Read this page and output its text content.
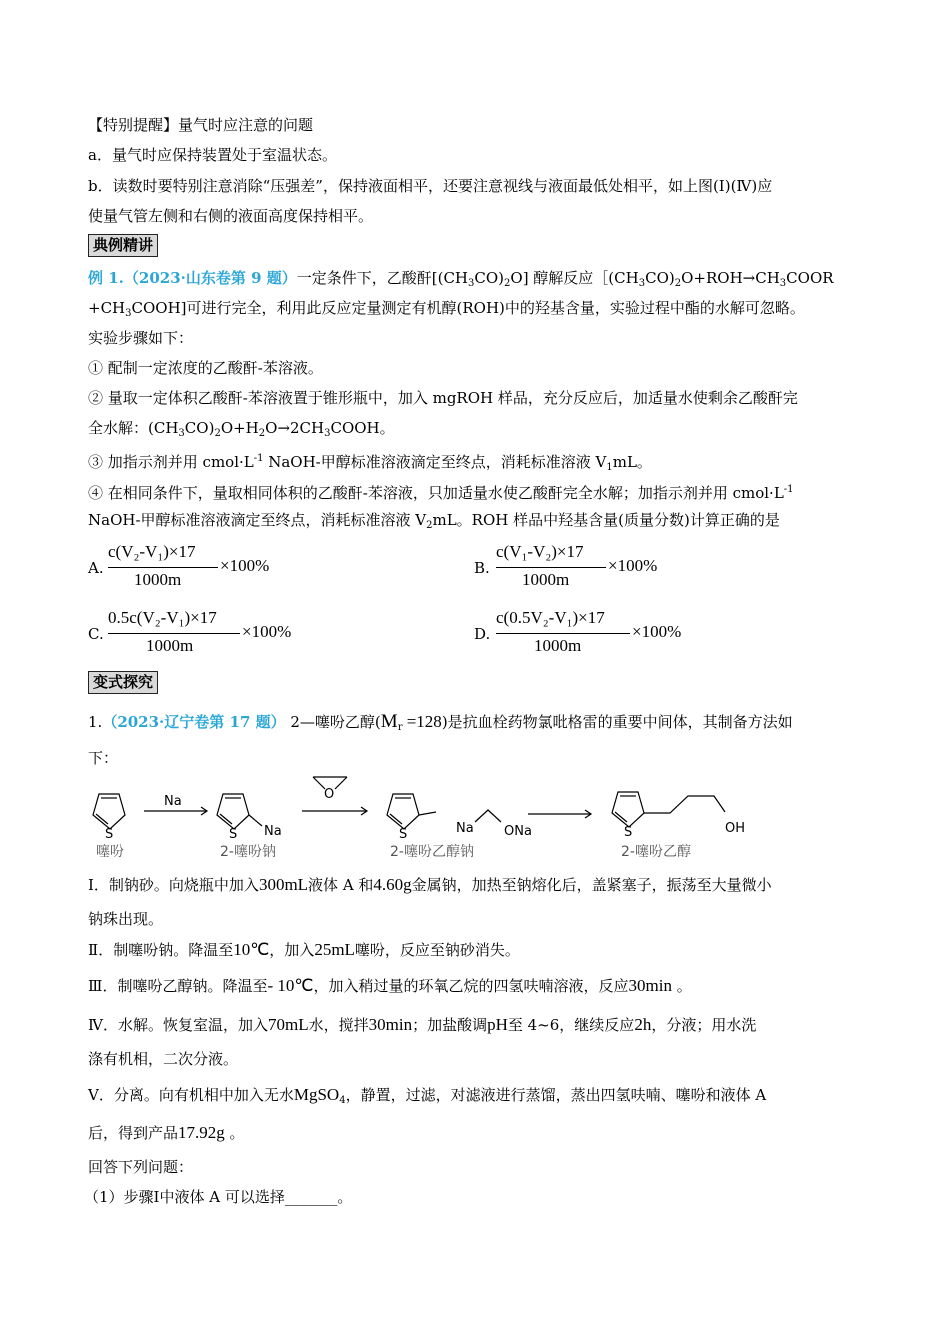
【特别提醒】量气时应注意的问题
a．量气时应保持装置处于室温状态。
b．读数时要特别注意消除“压强差”，保持液面相平，还要注意视线与液面最低处相平，如上图(I)(Ⅳ)应
使量气管左侧和右侧的液面高度保持相平。
典例精讲
例 1.（2023·山东卷第 9 题）一定条件下，乙酸酐$[(CH_3CO)_2O]$ 醇解反应$[(CH_3CO)_2O+ROH\to CH_3COOR$
$+CH_3COOH$]可进行完全，利用此反应定量测定有机醇(ROH)中的羟基含量，实验过程中酯的水解可忽略。
实验步骤如下：
① 配制一定浓度的乙酸酐-苯溶液。
② 量取一定体积乙酸酐-苯溶液置于锥形瓶中，加入 mgROH 样品，充分反应后，加适量水使剩余乙酸酐完
全水解：$(CH_3CO)_2O+H_2O\to 2CH_3COOH$。
③ 加指示剂并用 $cmol\cdot L^{-1}$ NaOH-甲醇标准溶液滴定至终点，消耗标准溶液 $V_1mL$。
④ 在相同条件下，量取相同体积的乙酸酐-苯溶液，只加适量水使乙酸酐完全水解；加指示剂并用 $cmol\cdot L^{-1}$
NaOH-甲醇标准溶液滴定至终点，消耗标准溶液 $V_2mL$。ROH 样品中羟基含量(质量分数)计算正确的是
A.
c(V₂-V₁)×17
1000m
×100%	B.
c(V₁-V₂)×17
1000m
×100%
C.
0.5c(V₂-V₁)×17
1000m
×100%	D.
c(0.5V₂-V₁)×17
1000m
×100%
变式探究
1.（2023·辽宁卷第 17 题） 2—噻吩乙醇$(M_r =128)$是抗血栓药物氯吡格雷的重要中间体，其制备方法如
下：
S
Na
S Na
O
S	Na ONa	S	OH
噻吩	2-噻吩钠	2-噻吩乙醇钠	2-噻吩乙醇
Ⅰ．制钠砂。向烧瓶中加入300mL液体 A 和4.60g金属钠，加热至钠熔化后，盖紧塞子，振荡至大量微小
钠珠出现。
Ⅱ．制噻吩钠。降温至10℃，加入25mL噻吩，反应至钠砂消失。
Ⅲ．制噻吩乙醇钠。降温至- 10℃，加入稍过量的环氧乙烷的四氢呋喃溶液，反应30min 。
Ⅳ．水解。恢复室温，加入70mL水，搅拌30min；加盐酸调pH至 4~6，继续反应2h，分液；用水洗
涤有机相，二次分液。
Ⅴ．分离。向有机相中加入无水MgSO$_4$，静置，过滤，对滤液进行蒸馏，蒸出四氢呋喃、噻吩和液体 A
后，得到产品17.92g 。
回答下列问题：
（1）步骤Ⅰ中液体 A 可以选择_______。
